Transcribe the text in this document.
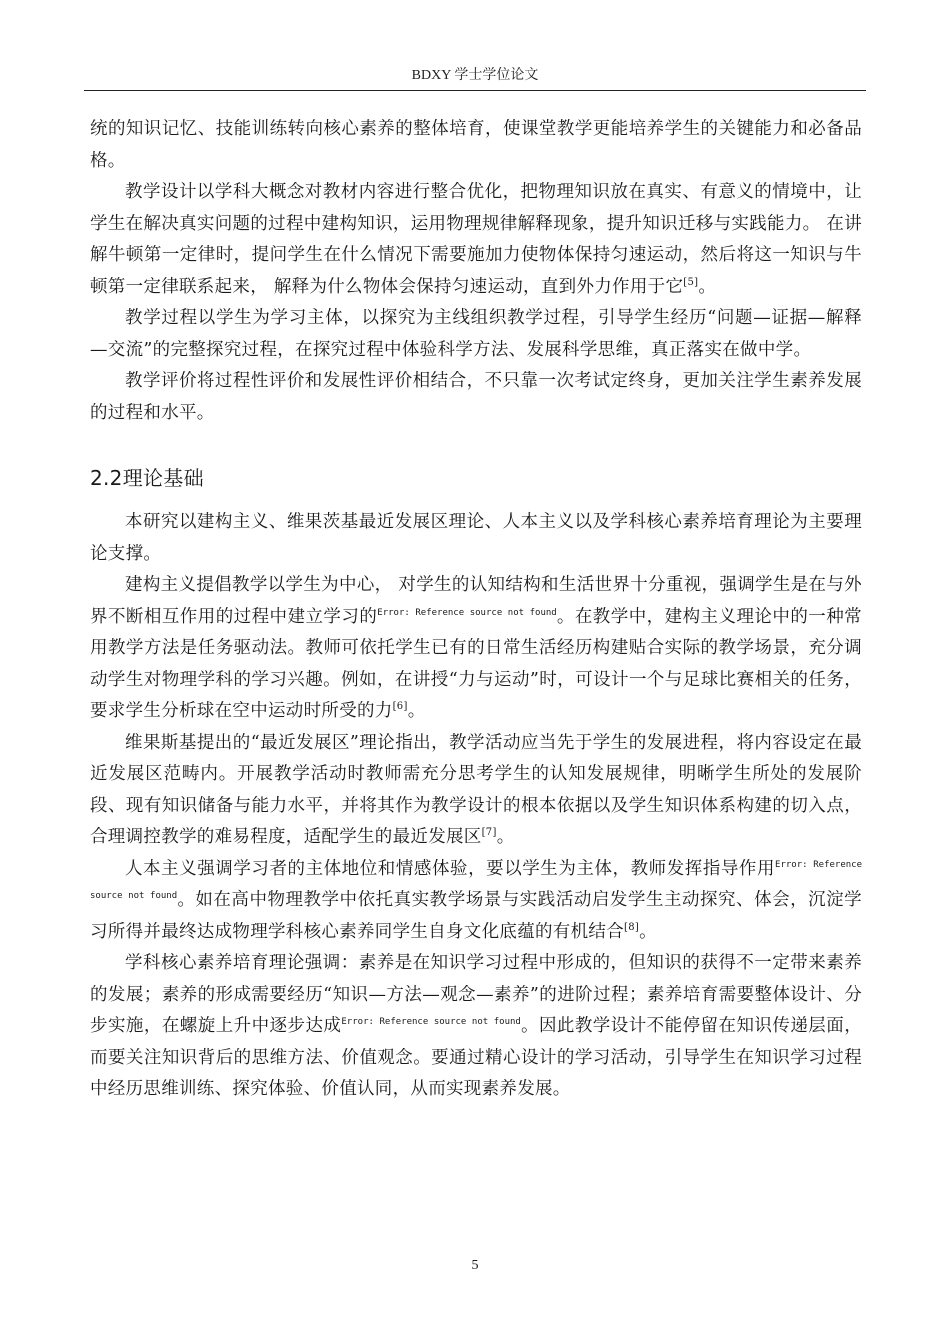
BDXY 学士学位论文

统的知识记忆、技能训练转向核心素养的整体培育，使课堂教学更能培养学生的关键能力和必备品格。

教学设计以学科大概念对教材内容进行整合优化，把物理知识放在真实、有意义的情境中，让学生在解决真实问题的过程中建构知识，运用物理规律解释现象，提升知识迁移与实践能力。 在讲解牛顿第一定律时，提问学生在什么情况下需要施加力使物体保持匀速运动，然后将这一知识与牛顿第一定律联系起来， 解释为什么物体会保持匀速运动，直到外力作用于它[5]。

教学过程以学生为学习主体，以探究为主线组织教学过程，引导学生经历“问题—证据—解释—交流”的完整探究过程，在探究过程中体验科学方法、发展科学思维，真正落实在做中学。

教学评价将过程性评价和发展性评价相结合，不只靠一次考试定终身，更加关注学生素养发展的过程和水平。

2.2理论基础

本研究以建构主义、维果茨基最近发展区理论、人本主义以及学科核心素养培育理论为主要理论支撑。

建构主义提倡教学以学生为中心， 对学生的认知结构和生活世界十分重视，强调学生是在与外界不断相互作用的过程中建立学习的$^{Error: Reference source not found}$。在教学中，建构主义理论中的一种常用教学方法是任务驱动法。教师可依托学生已有的日常生活经历构建贴合实际的教学场景，充分调动学生对物理学科的学习兴趣。例如，在讲授“力与运动”时，可设计一个与足球比赛相关的任务，要求学生分析球在空中运动时所受的力[6]。

维果斯基提出的“最近发展区”理论指出，教学活动应当先于学生的发展进程，将内容设定在最近发展区范畴内。开展教学活动时教师需充分思考学生的认知发展规律，明晰学生所处的发展阶段、现有知识储备与能力水平，并将其作为教学设计的根本依据以及学生知识体系构建的切入点，合理调控教学的难易程度，适配学生的最近发展区[7]。

人本主义强调学习者的主体地位和情感体验，要以学生为主体，教师发挥指导作用$^{Error: Reference source not found}$。如在高中物理教学中依托真实教学场景与实践活动启发学生主动探究、体会，沉淀学习所得并最终达成物理学科核心素养同学生自身文化底蕴的有机结合[8]。

学科核心素养培育理论强调：素养是在知识学习过程中形成的，但知识的获得不一定带来素养的发展；素养的形成需要经历“知识—方法—观念—素养”的进阶过程；素养培育需要整体设计、分步实施，在螺旋上升中逐步达成$^{Error: Reference source not found}$。因此教学设计不能停留在知识传递层面，而要关注知识背后的思维方法、价值观念。要通过精心设计的学习活动，引导学生在知识学习过程中经历思维训练、探究体验、价值认同，从而实现素养发展。

5
